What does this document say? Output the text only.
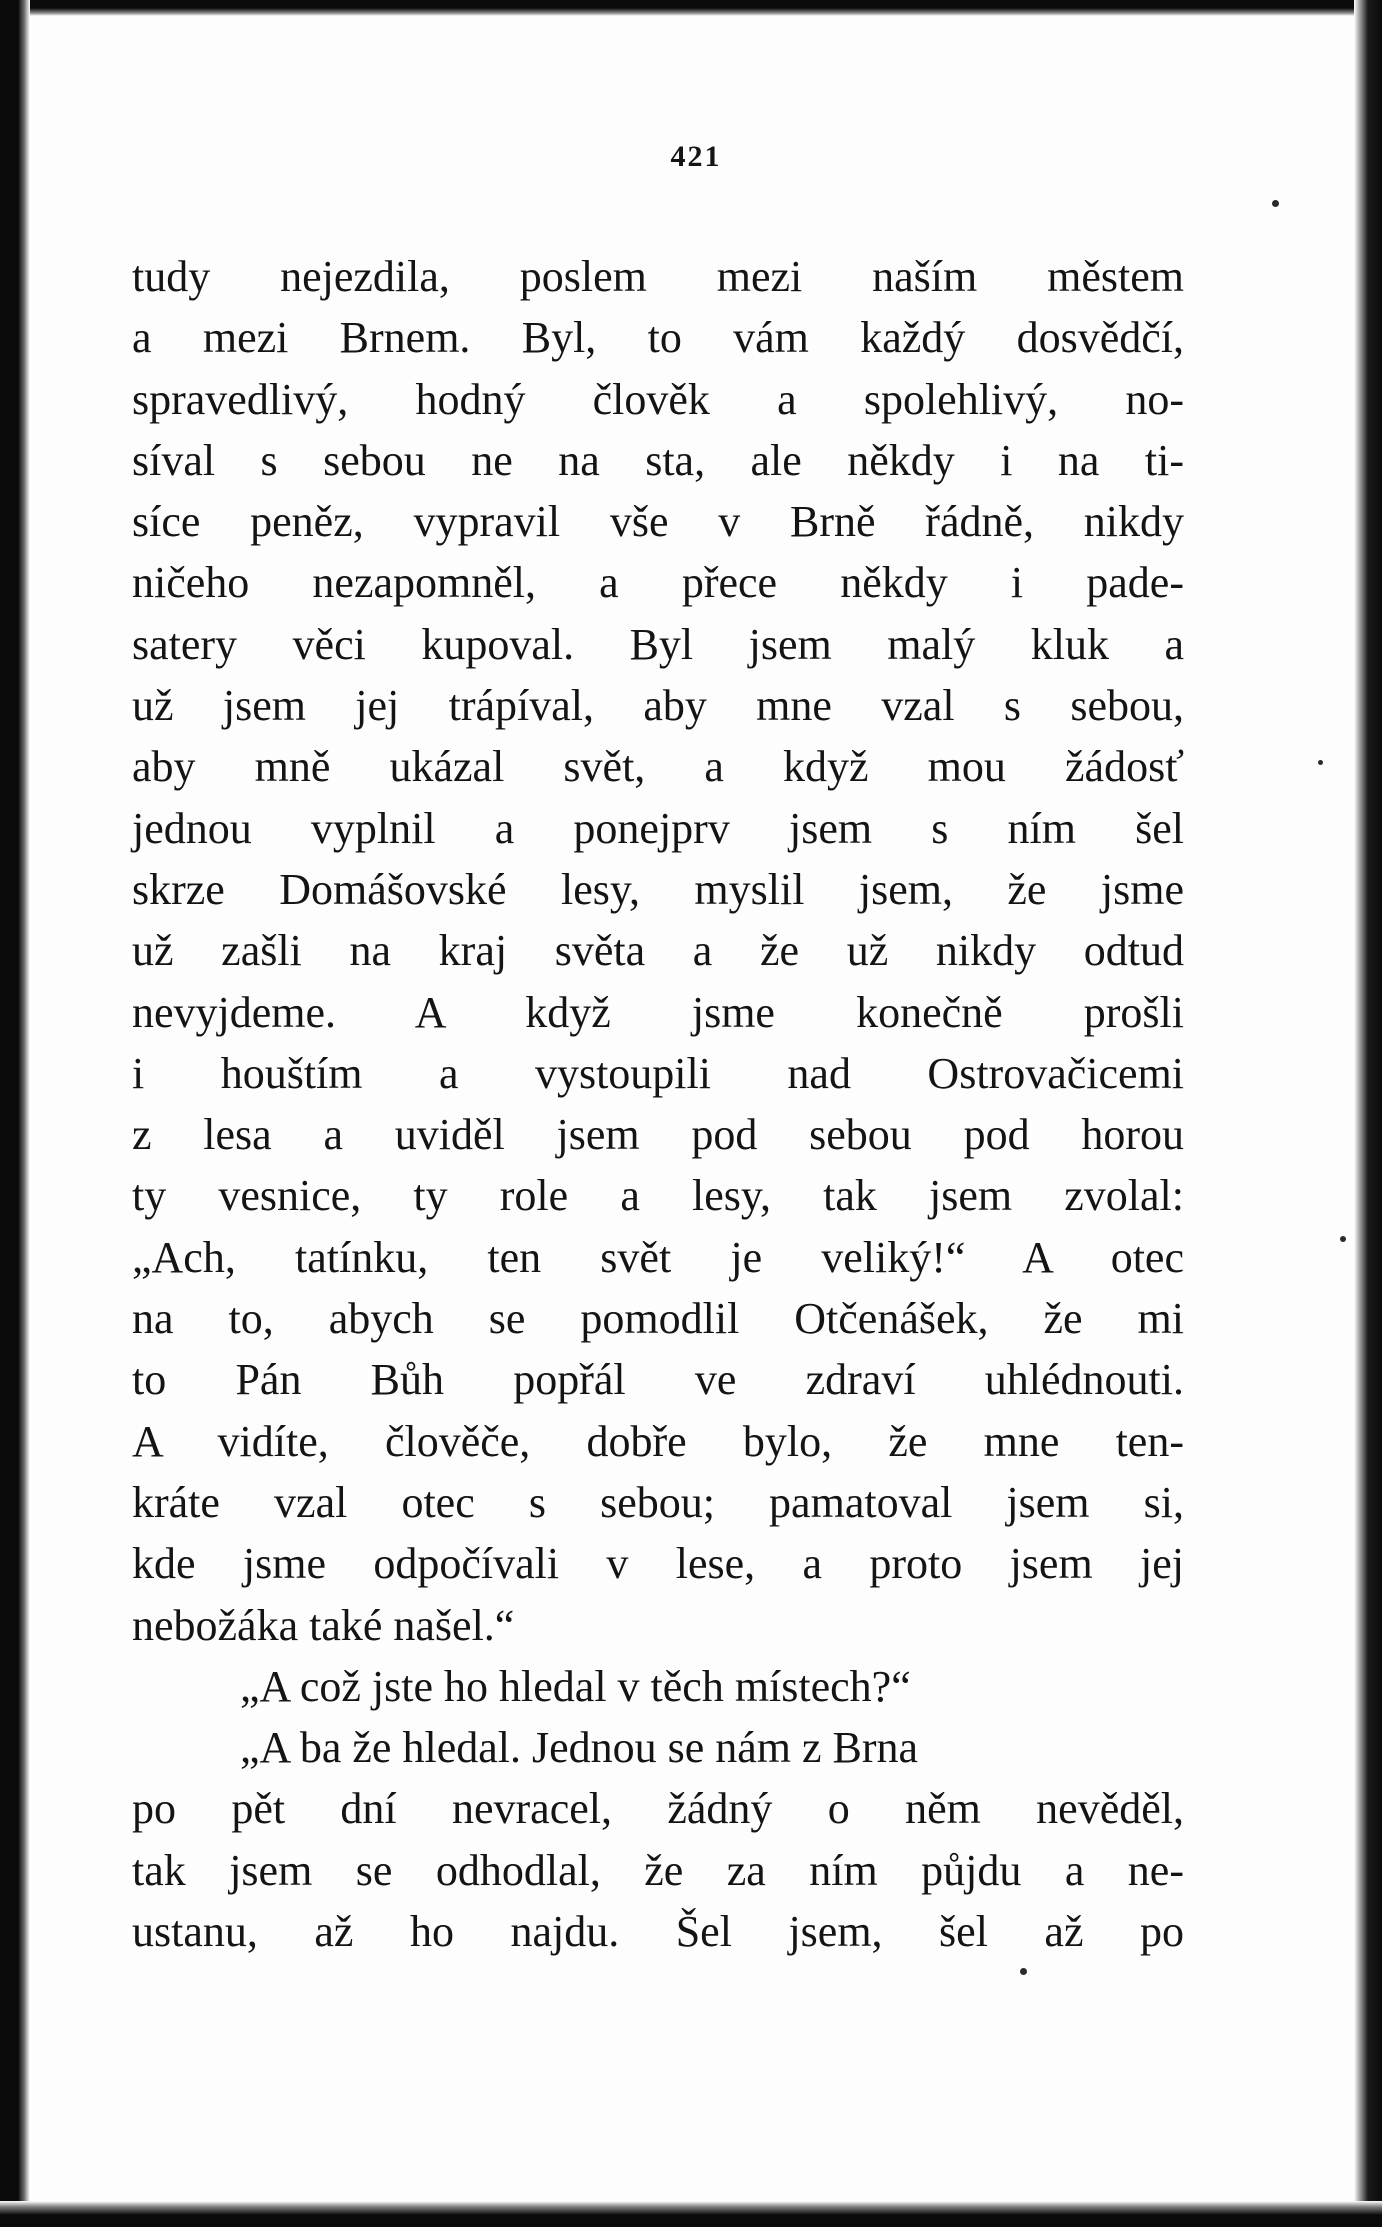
421
tudy nejezdila, poslem mezi naším městem
a mezi Brnem. Byl, to vám každý dosvědčí,
spravedlivý, hodný člověk a spolehlivý, no-
síval s sebou ne na sta, ale někdy i na ti-
síce peněz, vypravil vše v Brně řádně, nikdy
ničeho nezapomněl, a přece někdy i pade-
satery věci kupoval. Byl jsem malý kluk a
už jsem jej trápíval, aby mne vzal s sebou,
aby mně ukázal svět, a když mou žádosť
jednou vyplnil a ponejprv jsem s ním šel
skrze Domášovské lesy, myslil jsem, že jsme
už zašli na kraj světa a že už nikdy odtud
nevyjdeme. A když jsme konečně prošli
i houštím a vystoupili nad Ostrovačicemi
z lesa a uviděl jsem pod sebou pod horou
ty vesnice, ty role a lesy, tak jsem zvolal:
„Ach, tatínku, ten svět je veliký!“ A otec
na to, abych se pomodlil Otčenášek, že mi
to Pán Bůh popřál ve zdraví uhlédnouti.
A vidíte, člověče, dobře bylo, že mne ten-
kráte vzal otec s sebou; pamatoval jsem si,
kde jsme odpočívali v lese, a proto jsem jej
nebožáka také našel.“
„A což jste ho hledal v těch místech?“
„A ba že hledal. Jednou se nám z Brna
po pět dní nevracel, žádný o něm nevěděl,
tak jsem se odhodlal, že za ním půjdu a ne-
ustanu, až ho najdu. Šel jsem, šel až po
